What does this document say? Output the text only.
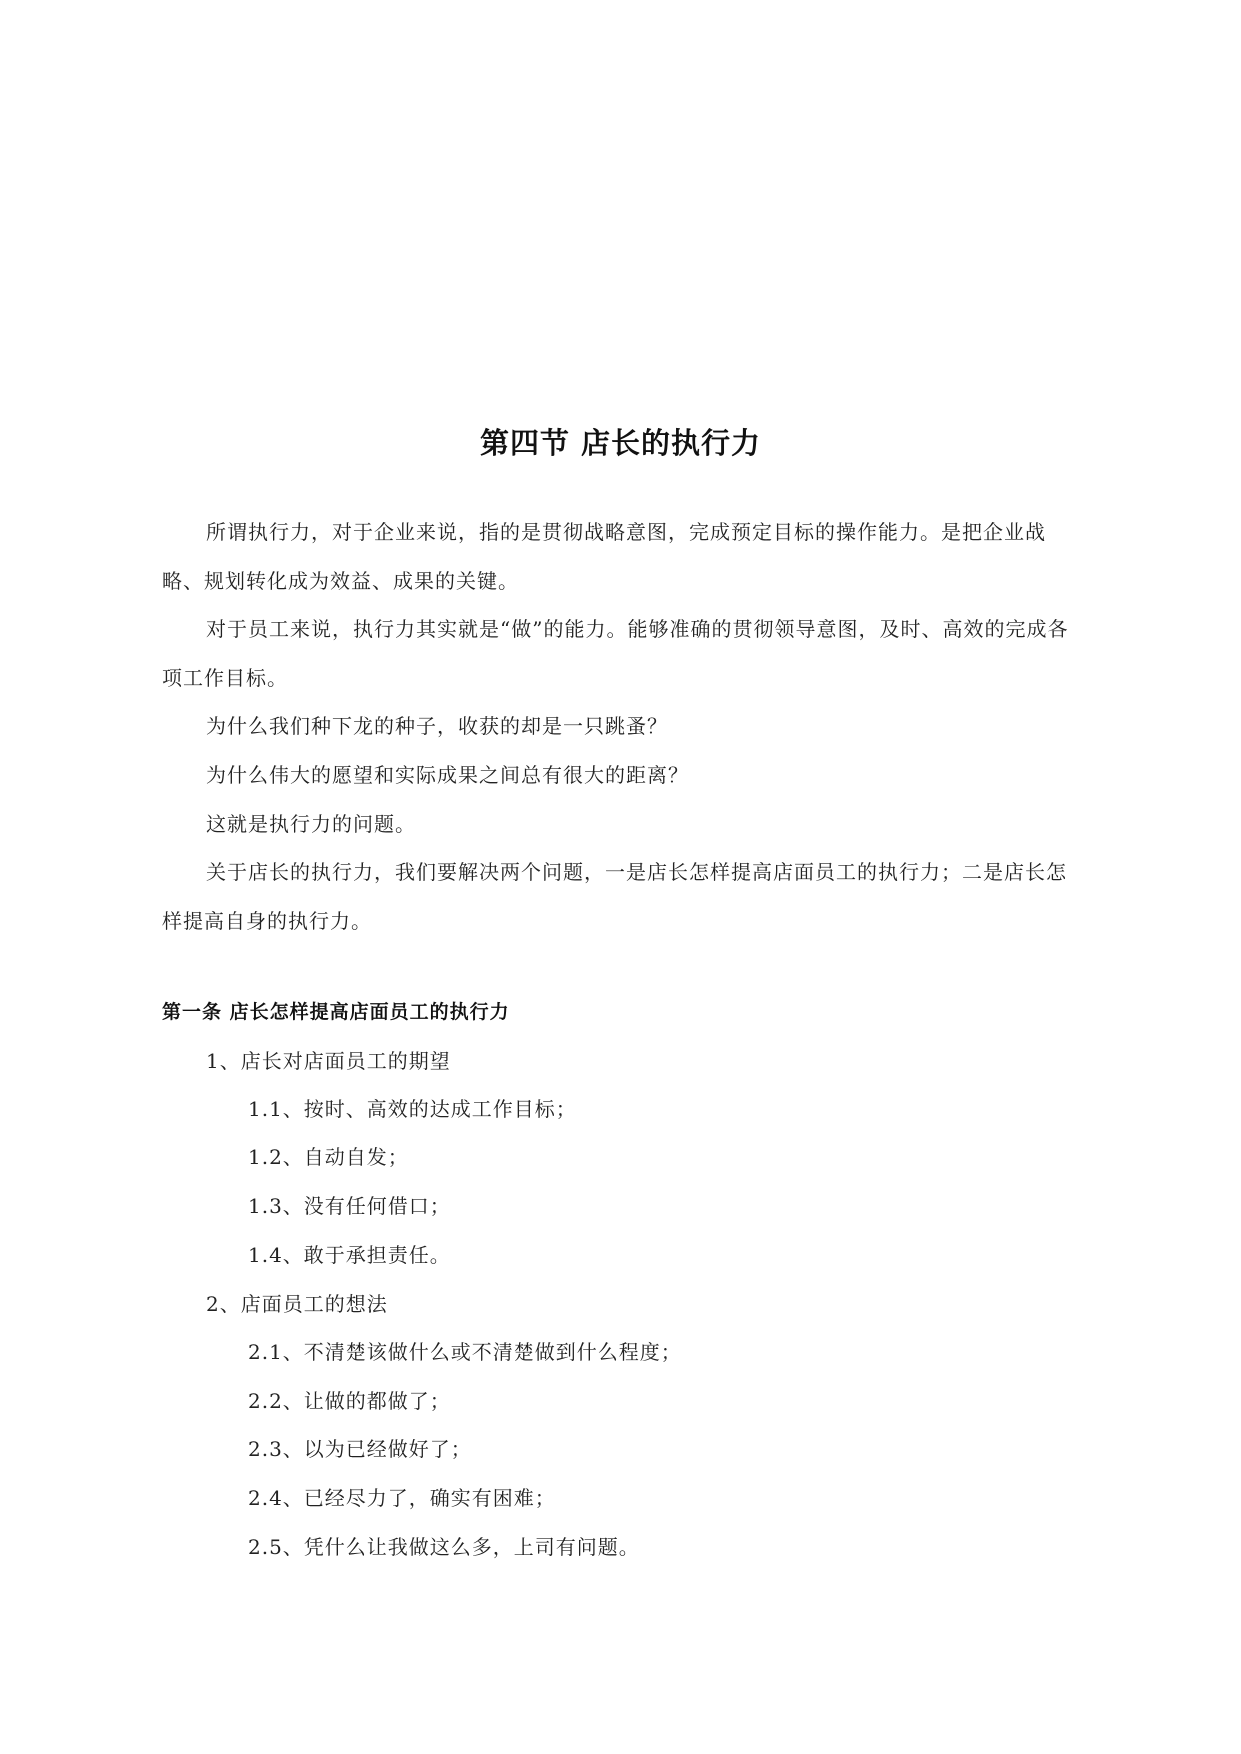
第四节 店长的执行力

所谓执行力，对于企业来说，指的是贯彻战略意图，完成预定目标的操作能力。是把企业战略、规划转化成为效益、成果的关键。

对于员工来说，执行力其实就是“做”的能力。能够准确的贯彻领导意图，及时、高效的完成各项工作目标。

为什么我们种下龙的种子，收获的却是一只跳蚤？

为什么伟大的愿望和实际成果之间总有很大的距离？

这就是执行力的问题。

关于店长的执行力，我们要解决两个问题，一是店长怎样提高店面员工的执行力；二是店长怎样提高自身的执行力。

第一条 店长怎样提高店面员工的执行力
1、店长对店面员工的期望
1.1、按时、高效的达成工作目标；
1.2、自动自发；
1.3、没有任何借口；
1.4、敢于承担责任。
2、店面员工的想法
2.1、不清楚该做什么或不清楚做到什么程度；
2.2、让做的都做了；
2.3、以为已经做好了；
2.4、已经尽力了，确实有困难；
2.5、凭什么让我做这么多，上司有问题。
